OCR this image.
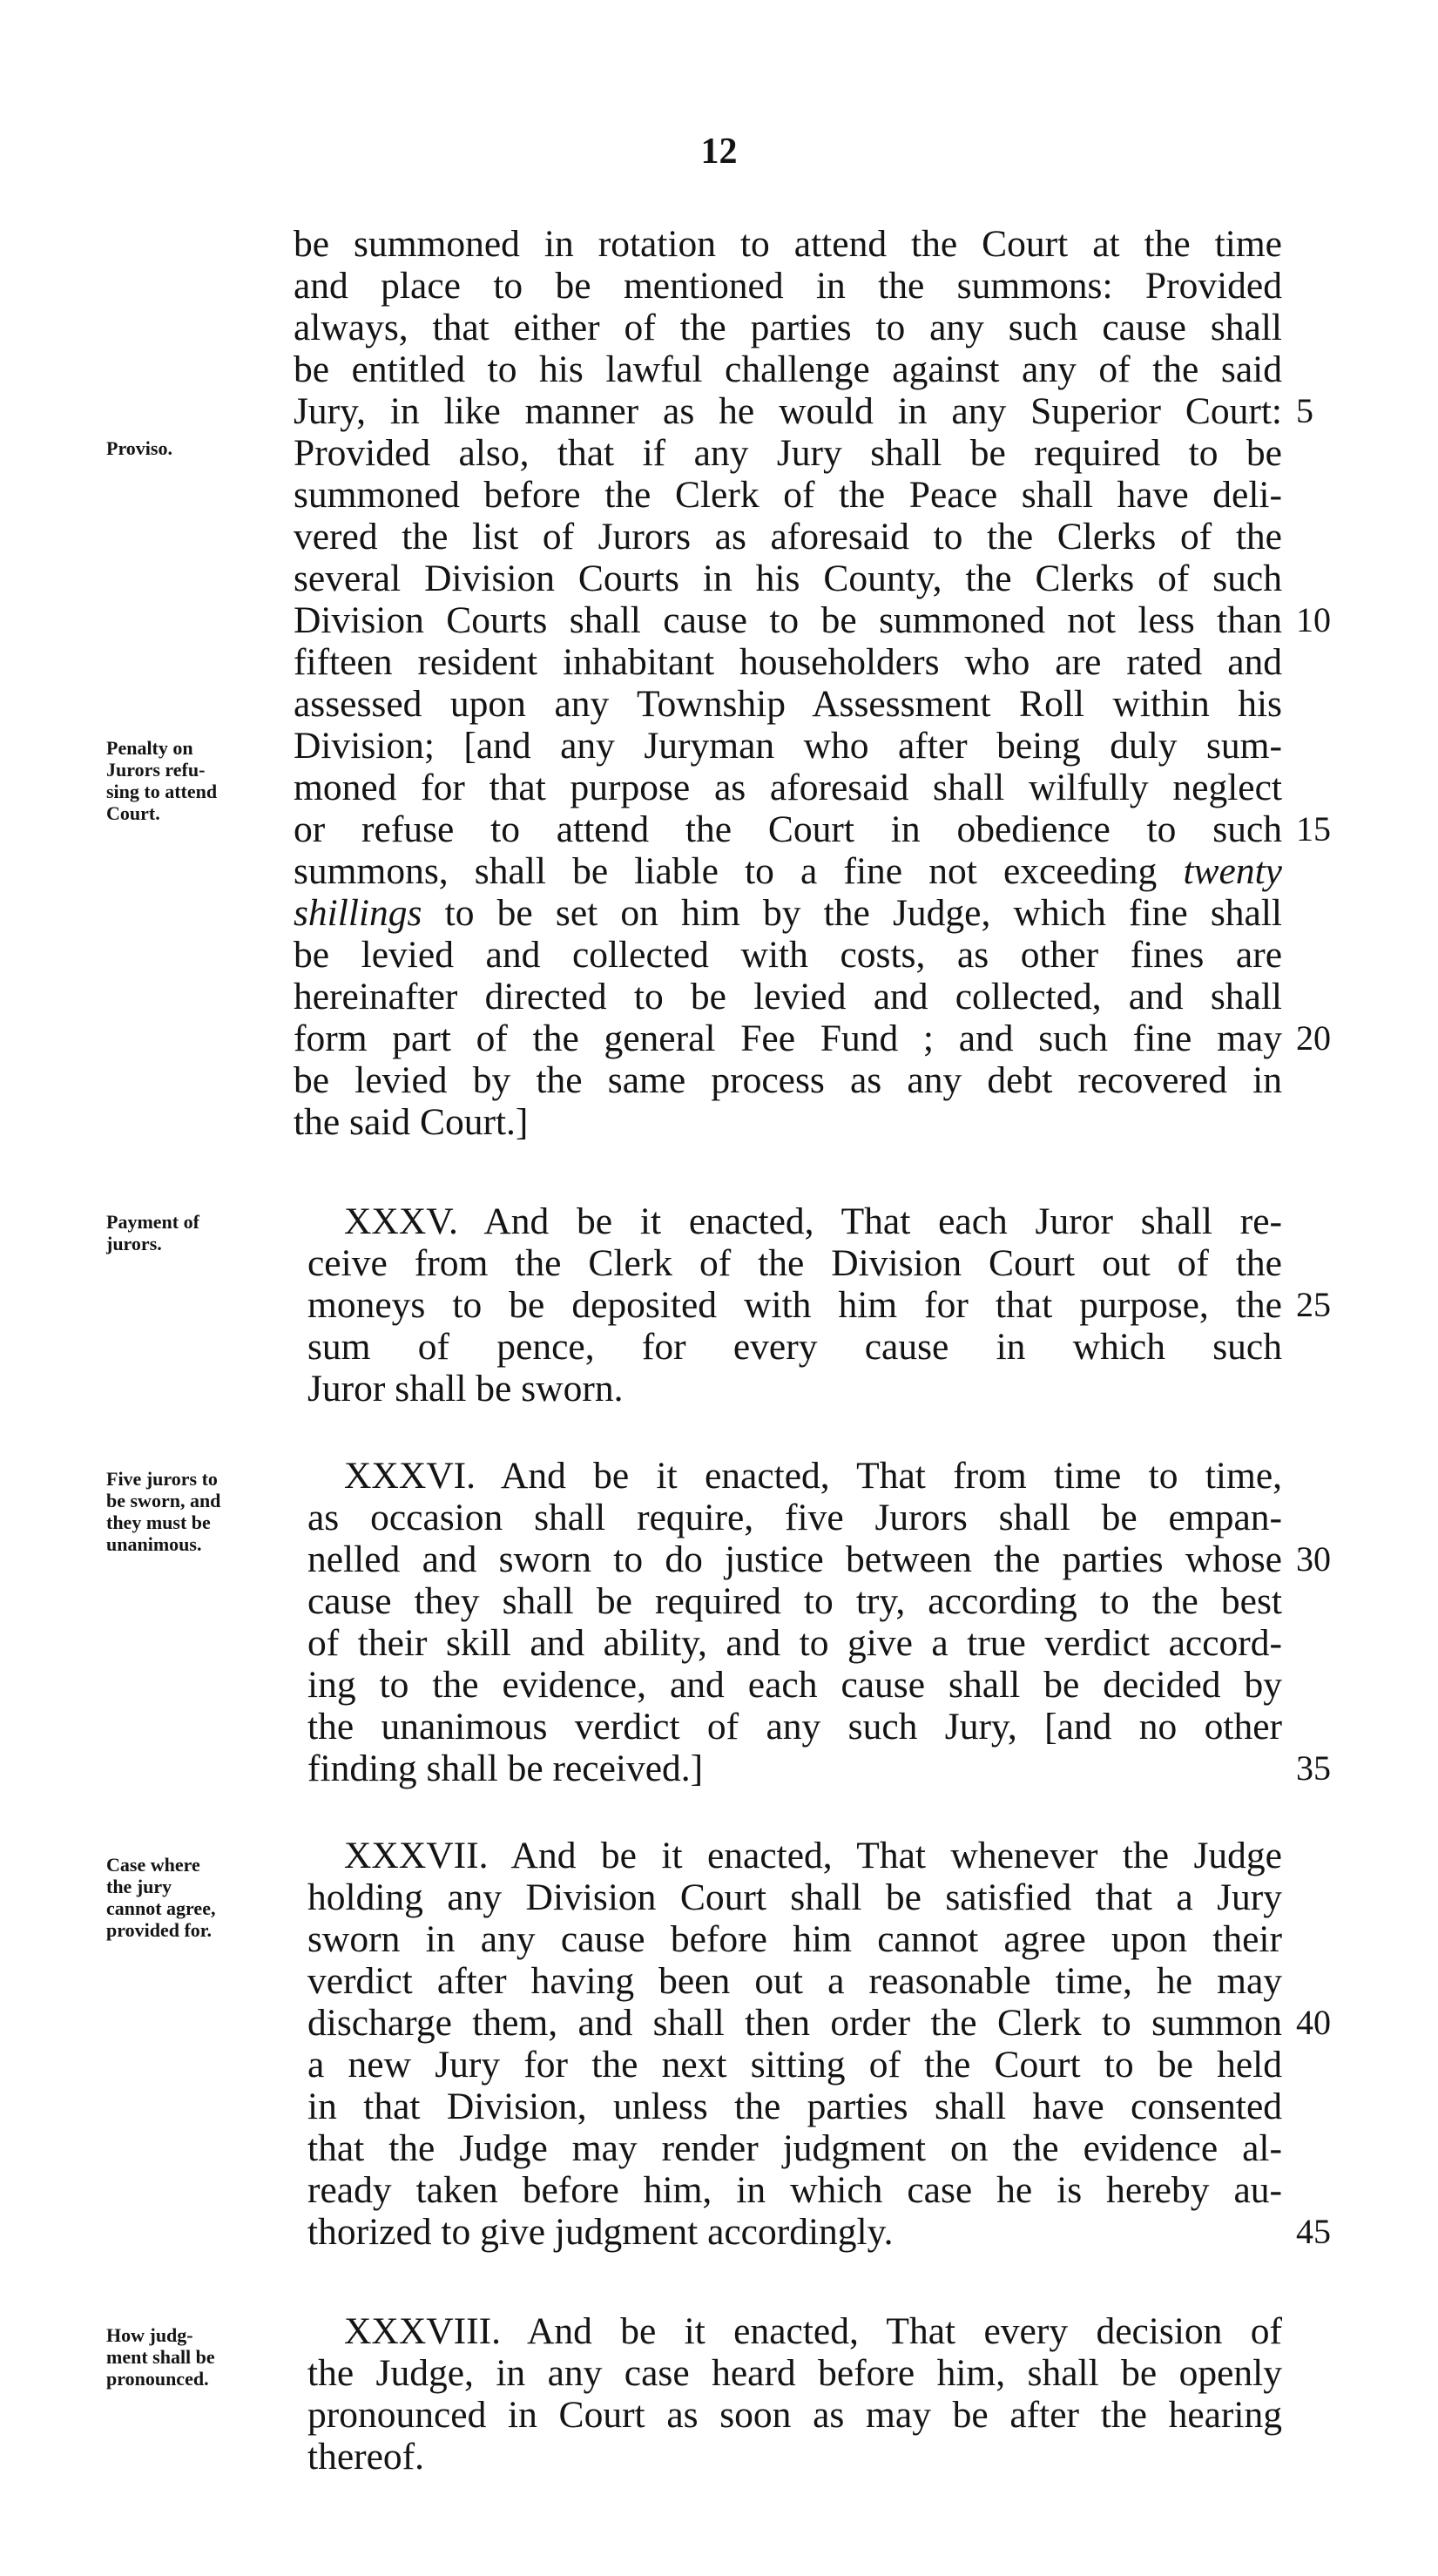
12
Proviso.
Penalty on
Jurors refu-
sing to attend
Court.
Payment of
jurors.
Five jurors to
be sworn, and
they must be
unanimous.
Case where
the jury
cannot agree,
provided for.
How judg-
ment shall be
pronounced.
be summoned in rotation to attend the Court at the time
and place to be mentioned in the summons: Provided
always, that either of the parties to any such cause shall
be entitled to his lawful challenge against any of the said
Jury, in like manner as he would in any Superior Court:
Provided also, that if any Jury shall be required to be
summoned before the Clerk of the Peace shall have deli-
vered the list of Jurors as aforesaid to the Clerks of the
several Division Courts in his County, the Clerks of such
Division Courts shall cause to be summoned not less than
fifteen resident inhabitant householders who are rated and
assessed upon any Township Assessment Roll within his
Division; [and any Juryman who after being duly sum-
moned for that purpose as aforesaid shall wilfully neglect
or refuse to attend the Court in obedience to such
summons, shall be liable to a fine not exceeding twenty
shillings to be set on him by the Judge, which fine shall
be levied and collected with costs, as other fines are
hereinafter directed to be levied and collected, and shall
form part of the general Fee Fund ; and such fine may
be levied by the same process as any debt recovered in
the said Court.]
XXXV. And be it enacted, That each Juror shall re-
ceive from the Clerk of the Division Court out of the
moneys to be deposited with him for that purpose, the
sum of pence, for every cause in which such
Juror shall be sworn.
XXXVI. And be it enacted, That from time to time,
as occasion shall require, five Jurors shall be empan-
nelled and sworn to do justice between the parties whose
cause they shall be required to try, according to the best
of their skill and ability, and to give a true verdict accord-
ing to the evidence, and each cause shall be decided by
the unanimous verdict of any such Jury, [and no other
finding shall be received.]
XXXVII. And be it enacted, That whenever the Judge
holding any Division Court shall be satisfied that a Jury
sworn in any cause before him cannot agree upon their
verdict after having been out a reasonable time, he may
discharge them, and shall then order the Clerk to summon
a new Jury for the next sitting of the Court to be held
in that Division, unless the parties shall have consented
that the Judge may render judgment on the evidence al-
ready taken before him, in which case he is hereby au-
thorized to give judgment accordingly.
XXXVIII. And be it enacted, That every decision of
the Judge, in any case heard before him, shall be openly
pronounced in Court as soon as may be after the hearing
thereof.
5
10
15
20
25
30
35
40
45
